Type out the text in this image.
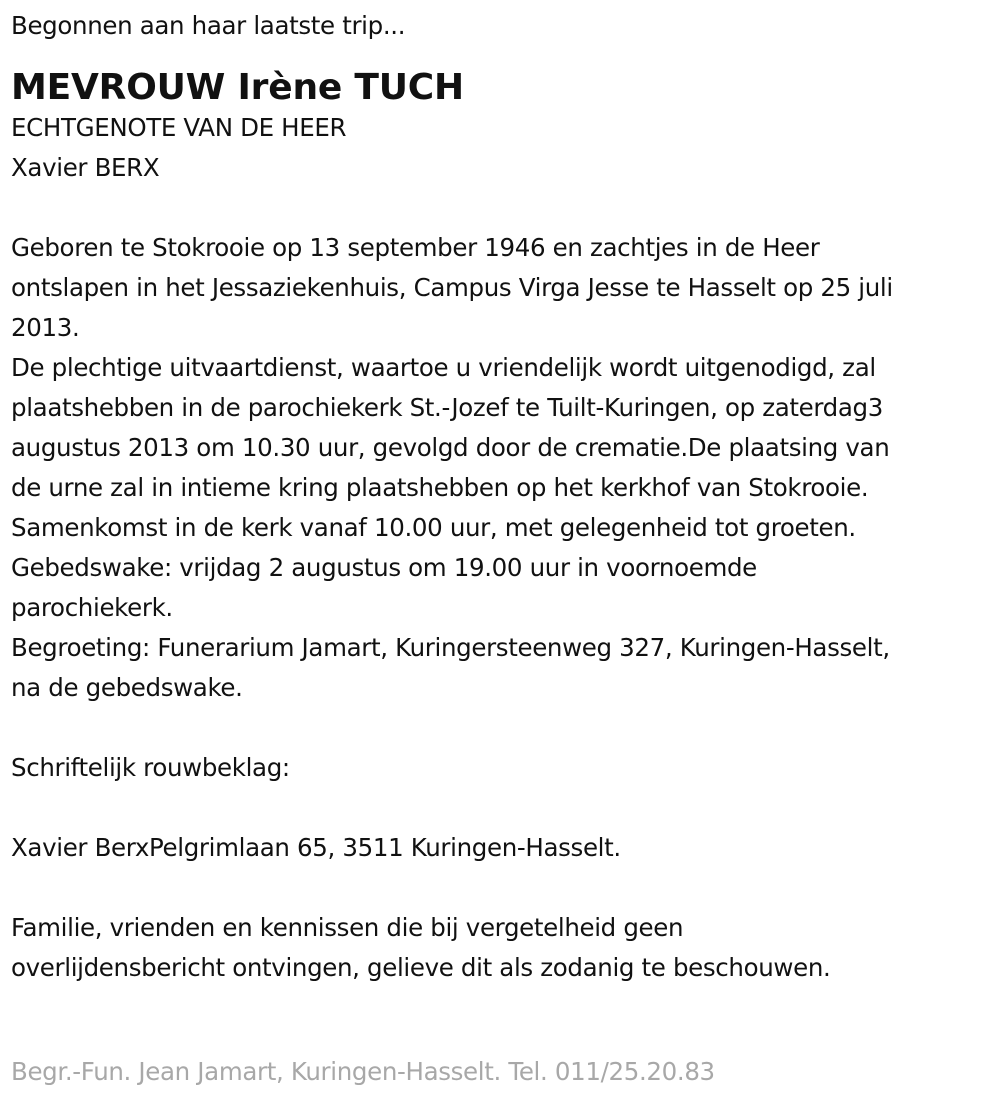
Begonnen aan haar laatste trip...
MEVROUW Irène TUCH
ECHTGENOTE VAN DE HEER
Xavier BERX
Geboren te Stokrooie op 13 september 1946 en zachtjes in de Heer
ontslapen in het Jessaziekenhuis, Campus Virga Jesse te Hasselt op 25 juli
2013.
De plechtige uitvaartdienst, waartoe u vriendelijk wordt uitgenodigd, zal
plaatshebben in de parochiekerk St.-Jozef te Tuilt-Kuringen, op zaterdag3
augustus 2013 om 10.30 uur, gevolgd door de crematie.De plaatsing van
de urne zal in intieme kring plaatshebben op het kerkhof van Stokrooie.
Samenkomst in de kerk vanaf 10.00 uur, met gelegenheid tot groeten.
Gebedswake: vrijdag 2 augustus om 19.00 uur in voornoemde
parochiekerk.
Begroeting: Funerarium Jamart, Kuringersteenweg 327, Kuringen-Hasselt,
na de gebedswake.
Schriftelijk rouwbeklag:
Xavier BerxPelgrimlaan 65, 3511 Kuringen-Hasselt.
Familie, vrienden en kennissen die bij vergetelheid geen
overlijdensbericht ontvingen, gelieve dit als zodanig te beschouwen.
Begr.-Fun. Jean Jamart, Kuringen-Hasselt. Tel. 011/25.20.83
